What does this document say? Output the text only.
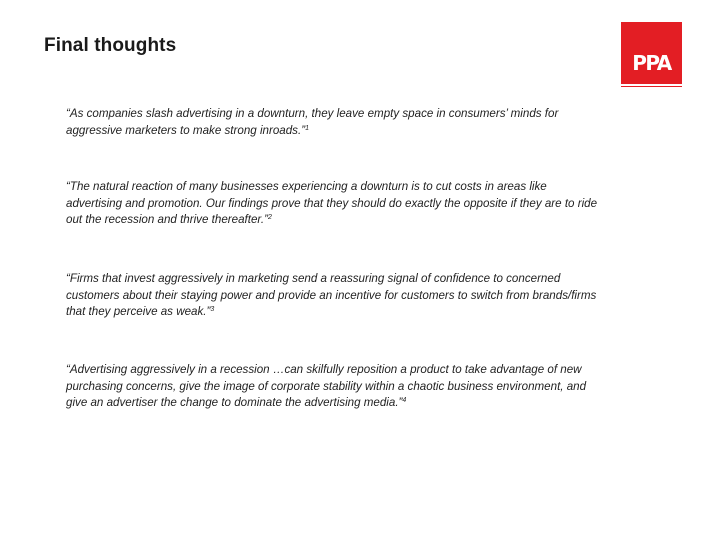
Final thoughts
PPA
“As companies slash advertising in a downturn, they leave empty space in consumers’ minds for aggressive marketers to make strong inroads.”$^1$
“The natural reaction of many businesses experiencing a downturn is to cut costs in areas like advertising and promotion. Our findings prove that they should do exactly the opposite if they are to ride out the recession and thrive thereafter.”$^2$
“Firms that invest aggressively in marketing send a reassuring signal of confidence to concerned customers about their staying power and provide an incentive for customers to switch from brands/firms that they perceive as weak.”$^3$
“Advertising aggressively in a recession …can skilfully reposition a product to take advantage of new purchasing concerns, give the image of corporate stability within a chaotic business environment, and give an advertiser the change to dominate the advertising media.”$^4$
